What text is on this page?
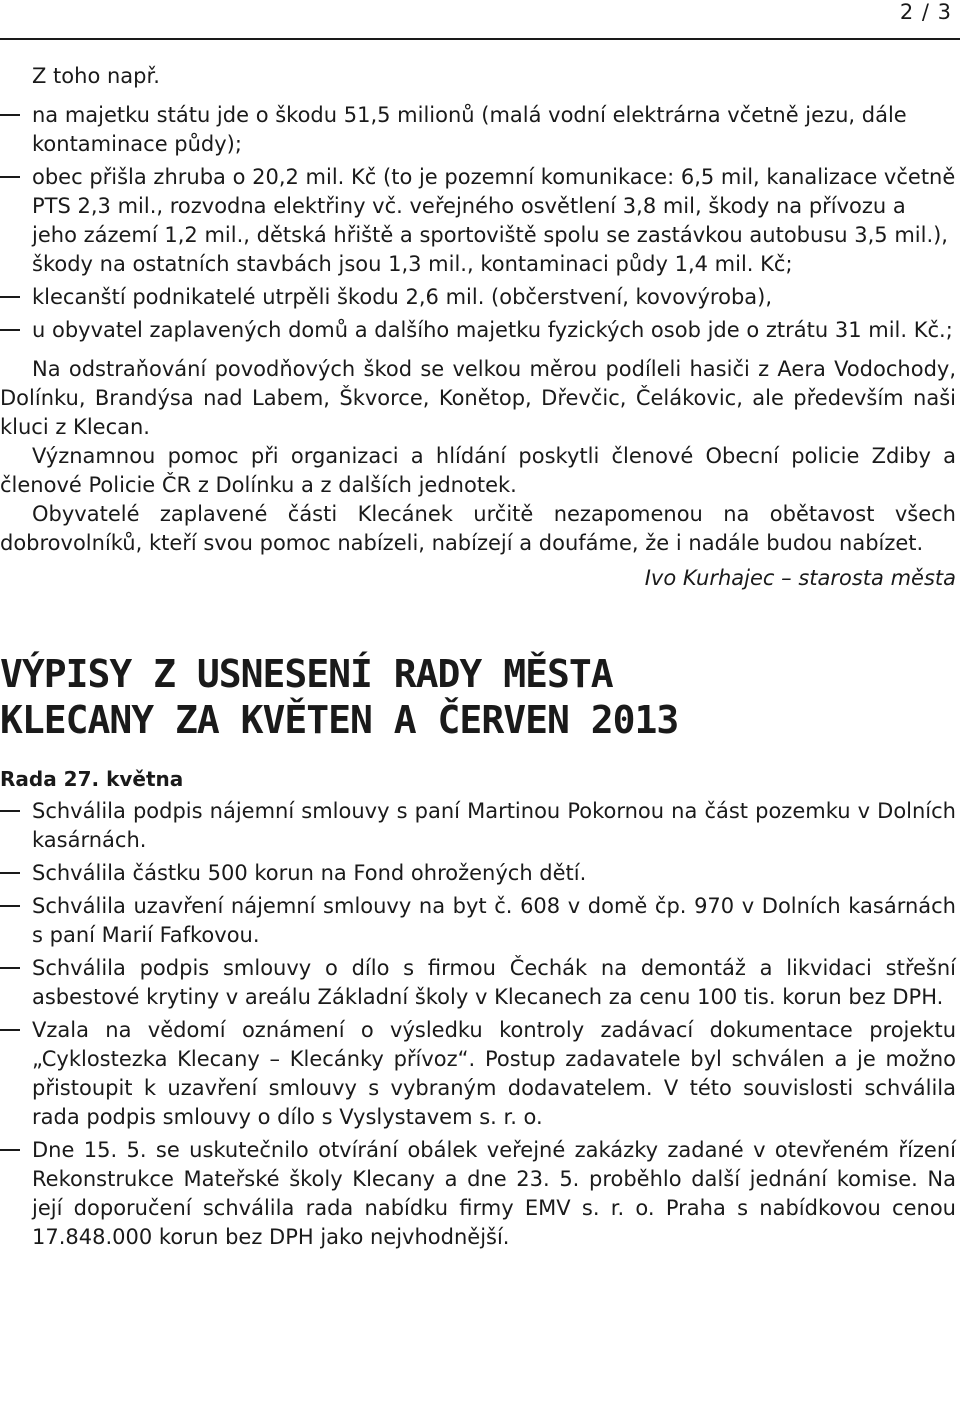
2 / 3

Z toho např.

na majetku státu jde o škodu 51,5 milionů (malá vodní elektrárna včetně jezu, dále kontaminace půdy);
obec přišla zhruba o 20,2 mil. Kč (to je pozemní komunikace: 6,5 mil, kanalizace včetně PTS 2,3 mil., rozvodna elektřiny vč. veřejného osvětlení 3,8 mil, škody na přívozu a jeho zázemí 1,2 mil., dětská hřiště a sportoviště spolu se zastávkou autobusu 3,5 mil.), škody na ostatních stavbách jsou 1,3 mil., kontaminaci půdy 1,4 mil. Kč;
klecanští podnikatelé utrpěli škodu 2,6 mil. (občerstvení, kovovýroba),
u obyvatel zaplavených domů a dalšího majetku fyzických osob jde o ztrátu 31 mil. Kč.;

Na odstraňování povodňových škod se velkou měrou podíleli hasiči z Aera Vodochody, Dolínku, Brandýsa nad Labem, Škvorce, Konětop, Dřevčic, Čelákovic, ale především naši kluci z Klecan.

Významnou pomoc při organizaci a hlídání poskytli členové Obecní policie Zdiby a členové Policie ČR z Dolínku a z dalších jednotek.

Obyvatelé zaplavené části Klecánek určitě nezapomenou na obětavost všech dobrovolníků, kteří svou pomoc nabízeli, nabízejí a doufáme, že i nadále budou nabízet.

Ivo Kurhajec – starosta města
VÝPISY Z USNESENÍ RADY MĚSTA
KLECANY ZA KVĚTEN A ČERVEN 2013
Rada 27. května
Schválila podpis nájemní smlouvy s paní Martinou Pokornou na část pozemku v Dolních kasárnách.
Schválila částku 500 korun na Fond ohrožených dětí.
Schválila uzavření nájemní smlouvy na byt č. 608 v domě čp. 970 v Dolních kasárnách s paní Marií Fafkovou.
Schválila podpis smlouvy o dílo s firmou Čechák na demontáž a likvidaci střešní asbestové krytiny v areálu Základní školy v Klecanech za cenu 100 tis. korun bez DPH.
Vzala na vědomí oznámení o výsledku kontroly zadávací dokumentace projektu „Cyklostezka Klecany – Klecánky přívoz“. Postup zadavatele byl schválen a je možno přistoupit k uzavření smlouvy s vybraným dodavatelem. V této souvislosti schválila rada podpis smlouvy o dílo s Vyslystavem s. r. o.
Dne 15. 5. se uskutečnilo otvírání obálek veřejné zakázky zadané v otevřeném řízení Rekonstrukce Mateřské školy Klecany a dne 23. 5. proběhlo další jednání komise. Na její doporučení schválila rada nabídku firmy EMV s. r. o. Praha s nabídkovou cenou 17.848.000 korun bez DPH jako nejvhodnější.
